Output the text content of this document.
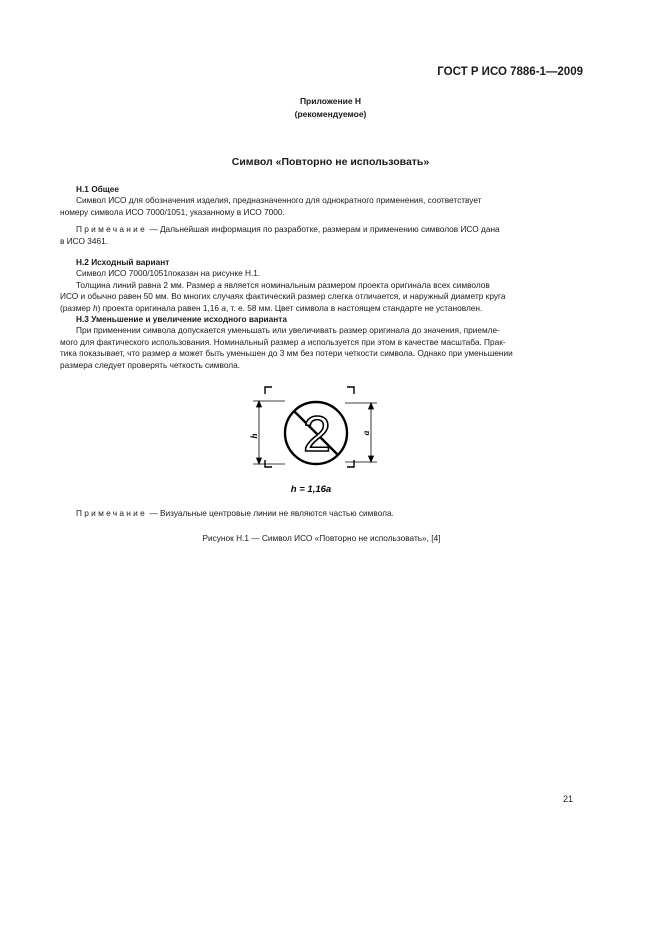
ГОСТ Р ИСО 7886-1—2009
Приложение Н
(рекомендуемое)
Символ «Повторно не использовать»

Н.1 Общее

Символ ИСО для обозначения изделия, предназначенного для однократного применения, соответствует

номеру символа ИСО 7000/1051, указанному в ИСО 7000.

Примечание — Дальнейшая информация по разработке, размерам и применению символов ИСО дана

в ИСО 3461.

Н.2 Исходный вариант

Символ ИСО 7000/1051показан на рисунке Н.1.

Толщина линий равна 2 мм. Размер a является номинальным размером проекта оригинала всех символов

ИСО и обычно равен 50 мм. Во многих случаях фактический размер слегка отличается, и наружный диаметр круга

(размер h) проекта оригинала равен 1,16 a, т. е. 58 мм. Цвет символа в настоящем стандарте не установлен.

Н.3 Уменьшение и увеличение исходного варианта

При применении символа допускается уменьшать или увеличивать размер оригинала до значения, приемле-

мого для фактического использования. Номинальный размер a используется при этом в качестве масштаба. Прак-

тика показывает, что размер a может быть уменьшен до 3 мм без потери четкости символа. Однако при уменьшении

размера следует проверять четкость символа.

h
a
2
h = 1,16a

Примечание — Визуальные центровые линии не являются частью символа.

Рисунок Н.1 — Символ ИСО «Повторно не использовать», [4]
21
